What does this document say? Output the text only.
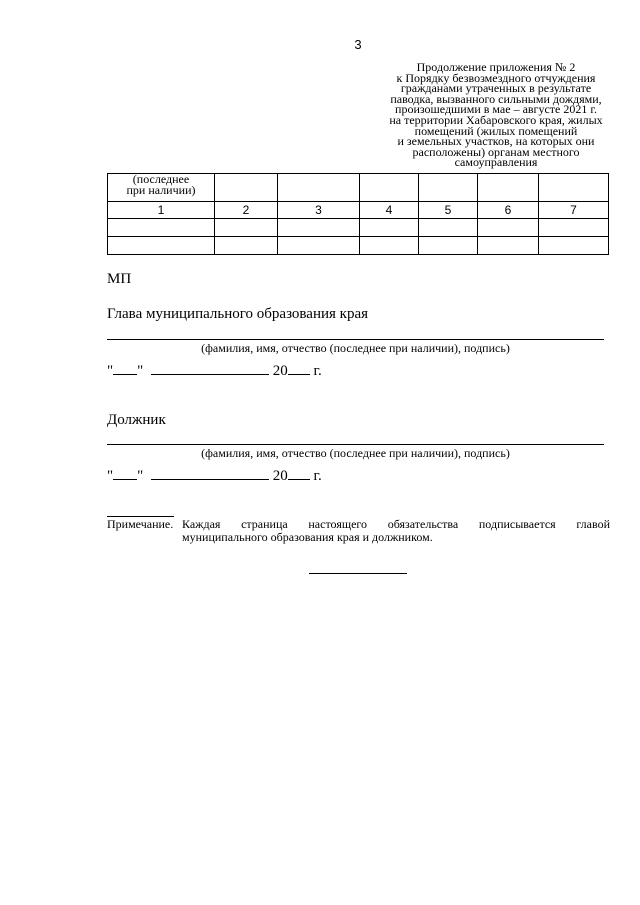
3
Продолжение приложения № 2
к Порядку безвозмездного отчуждения
гражданами утраченных в результате
паводка, вызванного сильными дождями,
произошедшими в мае – августе 2021 г.
на территории Хабаровского края, жилых
помещений (жилых помещений
и земельных участков, на которых они
расположены) органам местного
самоуправления
(последнее
при наличии)						

1	2	3	4	5	6	7

МП
Глава муниципального образования края
(фамилия, имя, отчество (последнее при наличии), подпись)
" "	20 г.
Должник
(фамилия, имя, отчество (последнее при наличии), подпись)
" "	20 г.
Примечание. Каждая страница настоящего обязательства подписывается главой
муниципального образования края и должником.
